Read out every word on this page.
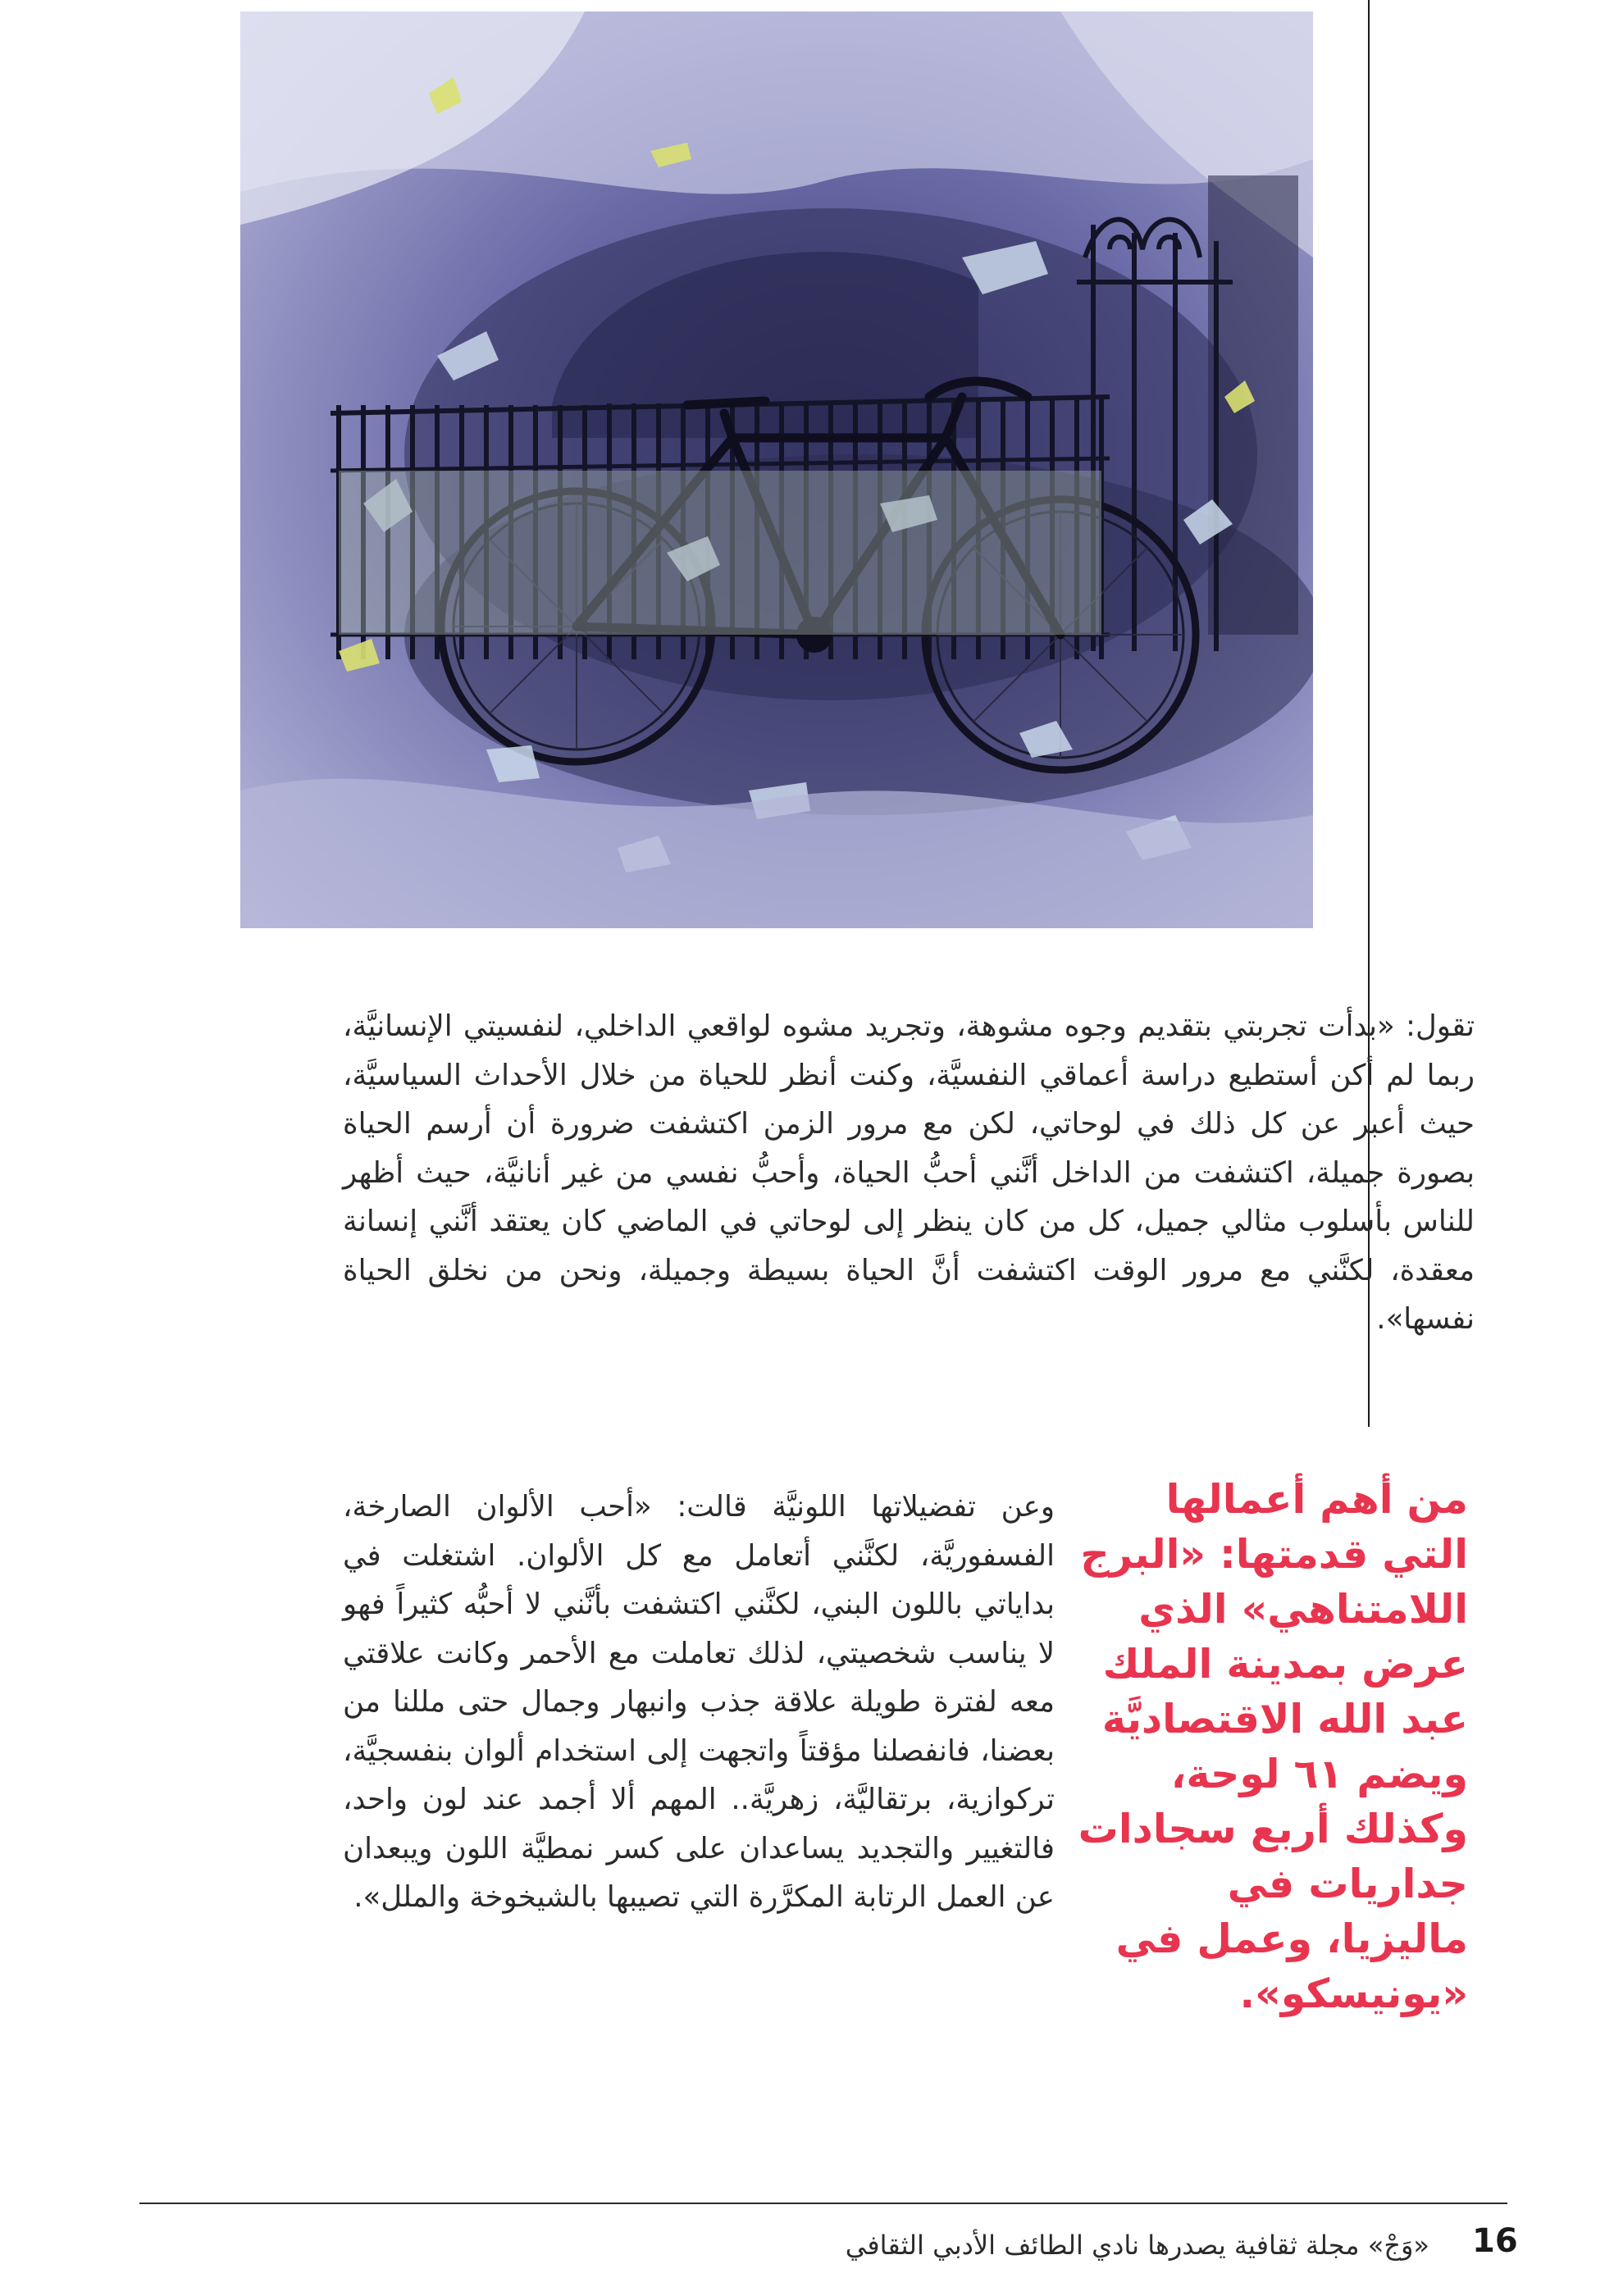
تقول: «بدأت تجربتي بتقديم وجوه مشوهة، وتجريد مشوه لواقعي الداخلي، لنفسيتي الإنسانيَّة، ربما لم أكن أستطيع دراسة أعماقي النفسيَّة، وكنت أنظر للحياة من خلال الأحداث السياسيَّة، حيث أعبر عن كل ذلك في لوحاتي، لكن مع مرور الزمن اكتشفت ضرورة أن أرسم الحياة بصورة جميلة، اكتشفت من الداخل أنَّني أحبُّ الحياة، وأحبُّ نفسي من غير أنانيَّة، حيث أظهر للناس بأسلوب مثالي جميل، كل من كان ينظر إلى لوحاتي في الماضي كان يعتقد أنَّني إنسانة معقدة، لكنَّني مع مرور الوقت اكتشفت أنَّ الحياة بسيطة وجميلة، ونحن من نخلق الحياة نفسها».

وعن تفضيلاتها اللونيَّة قالت: «أحب الألوان الصارخة، الفسفوريَّة، لكنَّني أتعامل مع كل الألوان. اشتغلت في بداياتي باللون البني، لكنَّني اكتشفت بأنَّني لا أحبُّه كثيراً فهو لا يناسب شخصيتي، لذلك تعاملت مع الأحمر وكانت علاقتي معه لفترة طويلة علاقة جذب وانبهار وجمال حتى مللنا من بعضنا، فانفصلنا مؤقتاً واتجهت إلى استخدام ألوان بنفسجيَّة، تركوازية، برتقاليَّة، زهريَّة.. المهم ألا أجمد عند لون واحد، فالتغيير والتجديد يساعدان على كسر نمطيَّة اللون ويبعدان عن العمل الرتابة المكرَّرة التي تصيبها بالشيخوخة والملل».

من أهم أعمالها التي قدمتها: «البرج اللامتناهي» الذي عرض بمدينة الملك عبد الله الاقتصاديَّة ويضم ٦١ لوحة، وكذلك أربع سجادات جداريات في ماليزيا، وعمل في «يونيسكو».

«وَجْ» مجلة ثقافية يصدرها نادي الطائف الأدبي الثقافي 16
